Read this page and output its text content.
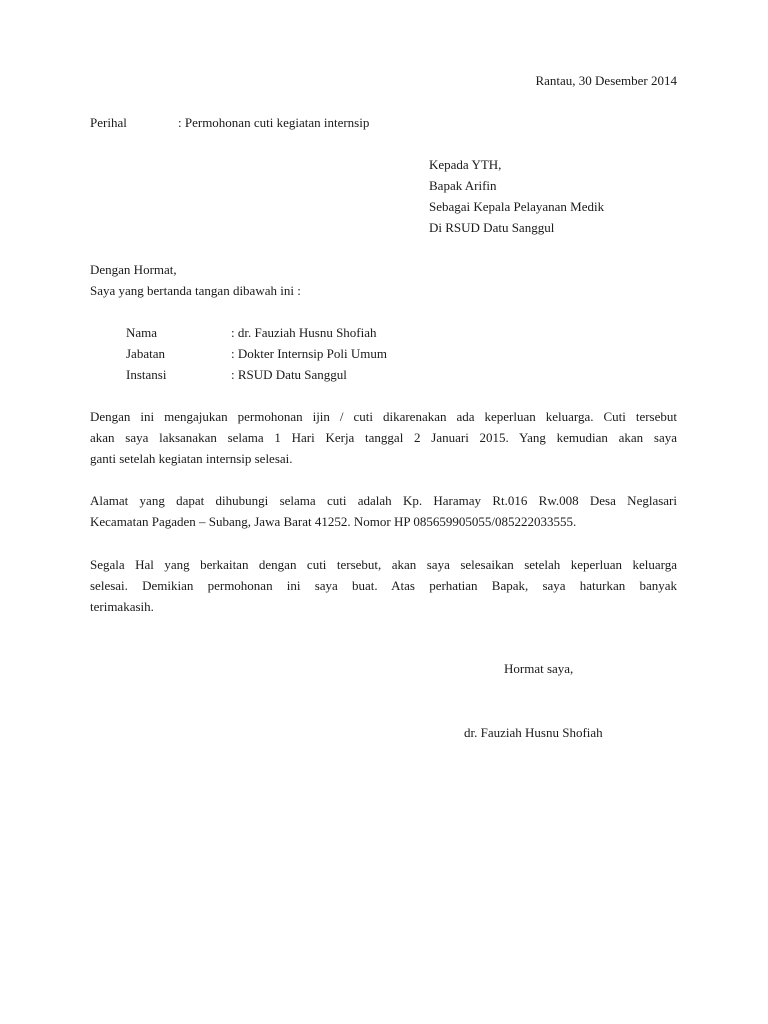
Rantau, 30 Desember 2014
Perihal	: Permohonan cuti kegiatan internsip
Kepada YTH,
Bapak Arifin
Sebagai Kepala Pelayanan Medik
Di RSUD Datu Sanggul
Dengan Hormat,
Saya yang bertanda tangan dibawah ini :
Nama	: dr. Fauziah Husnu Shofiah
Jabatan	: Dokter Internsip Poli Umum
Instansi	: RSUD Datu Sanggul
Dengan ini mengajukan permohonan ijin / cuti dikarenakan ada keperluan keluarga. Cuti tersebut
akan saya laksanakan selama 1 Hari Kerja tanggal 2 Januari 2015. Yang kemudian akan saya
ganti setelah kegiatan internsip selesai.
Alamat yang dapat dihubungi selama cuti adalah Kp. Haramay Rt.016 Rw.008 Desa Neglasari
Kecamatan Pagaden – Subang, Jawa Barat 41252. Nomor HP 085659905055/085222033555.
Segala Hal yang berkaitan dengan cuti tersebut, akan saya selesaikan setelah keperluan keluarga
selesai. Demikian permohonan ini saya buat. Atas perhatian Bapak, saya haturkan banyak
terimakasih.
Hormat saya,
dr. Fauziah Husnu Shofiah
